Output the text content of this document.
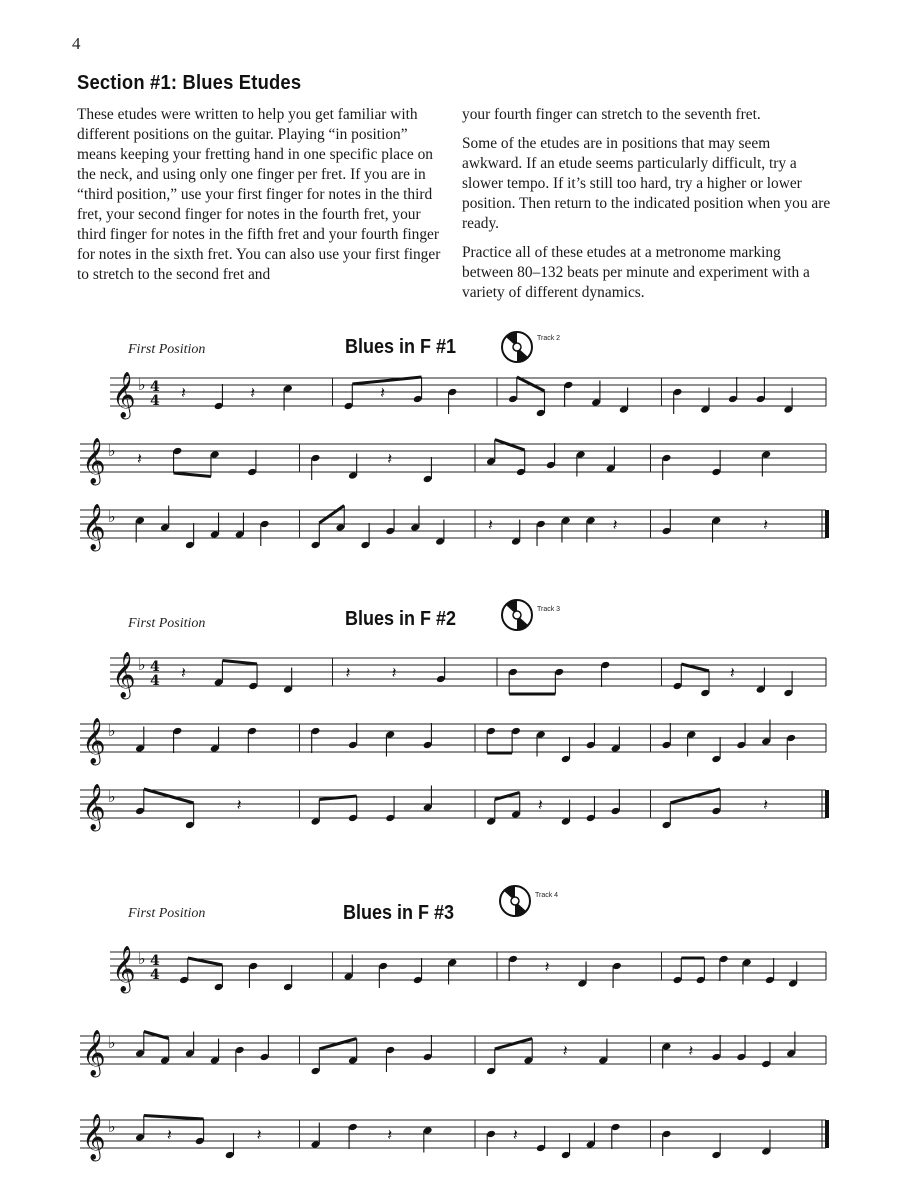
4
Section #1: Blues Etudes

These etudes were written to help you get familiar with different positions on the guitar. Playing “in position” means keeping your fretting hand in one specific place on the neck, and using only one finger per fret. If you are in “third position,” use your first finger for notes in the third fret, your second finger for notes in the fourth fret, your third finger for notes in the fifth fret and your fourth finger for notes in the sixth fret. You can also use your first finger to stretch to the second fret and

your fourth finger can stretch to the seventh fret.

Some of the etudes are in positions that may seem awkward. If an etude seems particularly difficult, try a slower tempo. If it’s still too hard, try a higher or lower position. Then return to the indicated position when you are ready.

Practice all of these etudes at a metronome marking between 80–132 beats per minute and experiment with a variety of different dynamics.

First Position	Blues in F #1	Track 2
𝄞 ♭ 4
4 𝄽	𝄽	𝄽
𝄞 ♭ 𝄽	𝄽
𝄞 ♭	𝄽	𝄽	𝄽
First Position	Blues in F #2	Track 3
𝄞 ♭ 4
4 𝄽	𝄽	𝄽	𝄽
𝄞 ♭
𝄞 ♭	𝄽	𝄽	𝄽
First Position	Blues in F #3
Track 4
𝄞 ♭ 4
4	𝄽
𝄞 ♭	𝄽	𝄽
𝄞 ♭	𝄽	𝄽	𝄽	𝄽
